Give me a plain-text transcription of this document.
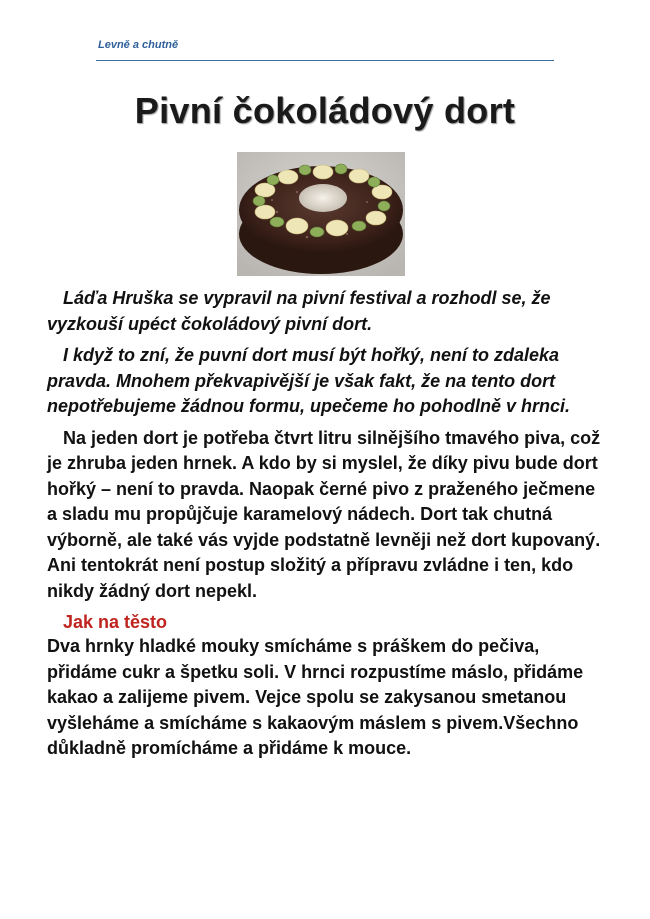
Levně a chutně
Pivní čokoládový dort

Láďa Hruška se vypravil na pivní festival a rozhodl se, že vyzkouší upéct čokoládový pivní dort.

I když to zní, že puvní dort musí být hořký, není to zdaleka pravda. Mnohem překvapivější je však fakt, že na tento dort nepotřebujeme žádnou formu, upečeme ho pohodlně v hrnci.

Na jeden dort je potřeba čtvrt litru silnějšího tmavého piva, což je zhruba jeden hrnek. A kdo by si myslel, že díky pivu bude dort hořký – není to pravda. Naopak černé pivo z praženého ječmene a sladu mu propůjčuje karamelový nádech. Dort tak chutná výborně, ale také vás vyjde podstatně levněji než dort kupovaný. Ani tentokrát není postup složitý a přípravu zvládne i ten, kdo nikdy žádný dort nepekl.

Jak na těsto

Dva hrnky hladké mouky smícháme s práškem do pečiva, přidáme cukr a špetku soli. V hrnci rozpustíme máslo, přidáme kakao a zalijeme pivem. Vejce spolu se zakysanou smetanou vyšleháme a smícháme s kakaovým máslem s pivem.Všechno důkladně promícháme a přidáme k mouce.
